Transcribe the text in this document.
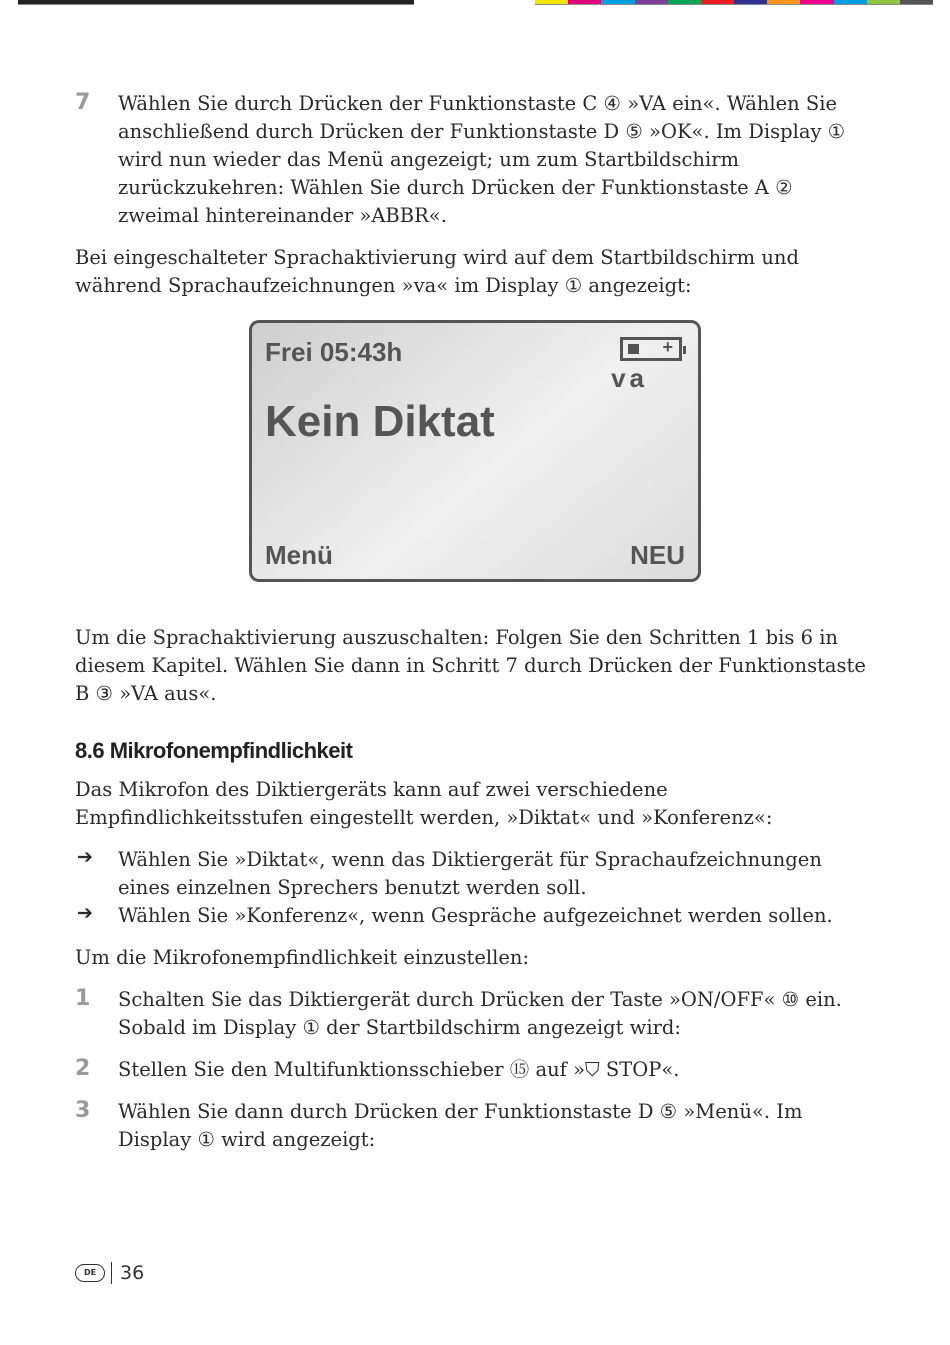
7 Wählen Sie durch Drücken der Funktionstaste C ④ »VA ein«. Wählen Sie anschließend durch Drücken der Funktionstaste D ⑤ »OK«. Im Display ① wird nun wieder das Menü angezeigt; um zum Startbildschirm zurückzukehren: Wählen Sie durch Drücken der Funktionstaste A ② zweimal hintereinander »ABBR«.

Bei eingeschalteter Sprachaktivierung wird auf dem Startbildschirm und während Sprachaufzeichnungen »va« im Display ① angezeigt:

Frei 05:43h	+
va
Kein Diktat
Menü	NEU

Um die Sprachaktivierung auszuschalten: Folgen Sie den Schritten 1 bis 6 in diesem Kapitel. Wählen Sie dann in Schritt 7 durch Drücken der Funktionstaste B ③ »VA aus«.

8.6 Mikrofonempfindlichkeit

Das Mikrofon des Diktiergeräts kann auf zwei verschiedene Empfindlichkeitsstufen eingestellt werden, »Diktat« und »Konferenz«:

➔ Wählen Sie »Diktat«, wenn das Diktiergerät für Sprachaufzeichnungen eines einzelnen Sprechers benutzt werden soll.

➔ Wählen Sie »Konferenz«, wenn Gespräche aufgezeichnet werden sollen.

Um die Mikrofonempfindlichkeit einzustellen:

1 Schalten Sie das Diktiergerät durch Drücken der Taste »ON/OFF« ⑩ ein. Sobald im Display ① der Startbildschirm angezeigt wird:

2 Stellen Sie den Multifunktionsschieber ⑮ auf »⛉ STOP«.

3 Wählen Sie dann durch Drücken der Funktionstaste D ⑤ »Menü«. Im Display ① wird angezeigt:

DE	36
